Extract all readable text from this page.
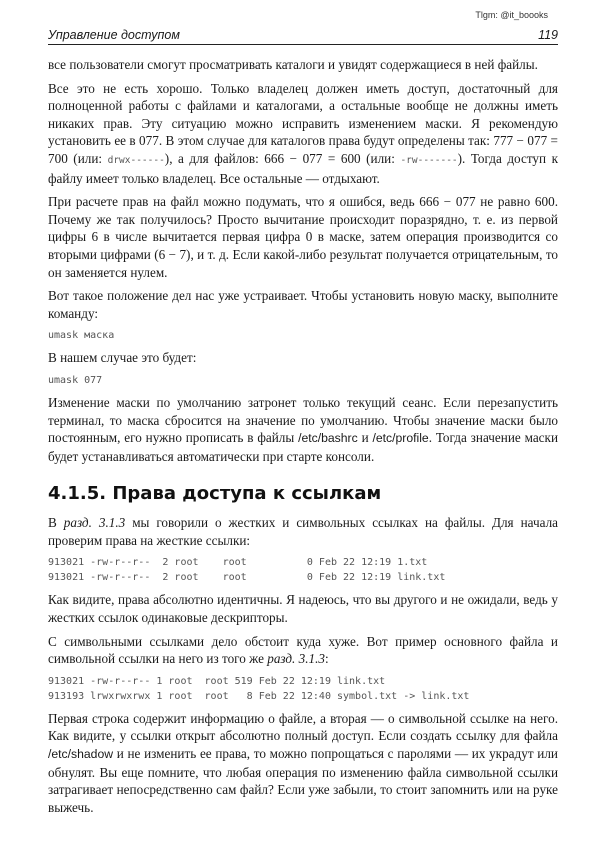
Tlgm: @it_boooks
Управление доступом	119

все пользователи смогут просматривать каталоги и увидят содержащиеся в ней файлы.

Все это не есть хорошо. Только владелец должен иметь доступ, достаточный для полноценной работы с файлами и каталогами, а остальные вообще не должны иметь никаких прав. Эту ситуацию можно исправить изменением маски. Я рекомендую установить ее в 077. В этом случае для каталогов права будут определены так: 777 − 077 = 700 (или: drwx------), а для файлов: 666 − 077 = 600 (или: -rw-------). Тогда доступ к файлу имеет только владелец. Все остальные — отдыхают.

При расчете прав на файл можно подумать, что я ошибся, ведь 666 − 077 не равно 600. Почему же так получилось? Просто вычитание происходит поразрядно, т. е. из первой цифры 6 в числе вычитается первая цифра 0 в маске, затем операция производится со вторыми цифрами (6 − 7), и т. д. Если какой-либо результат получается отрицательным, то он заменяется нулем.

Вот такое положение дел нас уже устраивает. Чтобы установить новую маску, выполните команду:

umask маска

В нашем случае это будет:

umask 077

Изменение маски по умолчанию затронет только текущий сеанс. Если перезапустить терминал, то маска сбросится на значение по умолчанию. Чтобы значение маски было постоянным, его нужно прописать в файлы /etc/bashrc и /etc/profile. Тогда значение маски будет устанавливаться автоматически при старте консоли.

4.1.5. Права доступа к ссылкам

В разд. 3.1.3 мы говорили о жестких и символьных ссылках на файлы. Для начала проверим права на жесткие ссылки:

913021 -rw-r--r--  2 root    root          0 Feb 22 12:19 1.txt
913021 -rw-r--r--  2 root    root          0 Feb 22 12:19 link.txt

Как видите, права абсолютно идентичны. Я надеюсь, что вы другого и не ожидали, ведь у жестких ссылок одинаковые дескрипторы.

С символьными ссылками дело обстоит куда хуже. Вот пример основного файла и символьной ссылки на него из того же разд. 3.1.3:

913021 -rw-r--r-- 1 root  root 519 Feb 22 12:19 link.txt
913193 lrwxrwxrwx 1 root  root   8 Feb 22 12:40 symbol.txt -> link.txt

Первая строка содержит информацию о файле, а вторая — о символьной ссылке на него. Как видите, у ссылки открыт абсолютно полный доступ. Если создать ссылку для файла /etc/shadow и не изменить ее права, то можно попрощаться с паролями — их украдут или обнулят. Вы еще помните, что любая операция по изменению файла символьной ссылки затрагивает непосредственно сам файл? Если уже забыли, то стоит запомнить или на руке выжечь.
